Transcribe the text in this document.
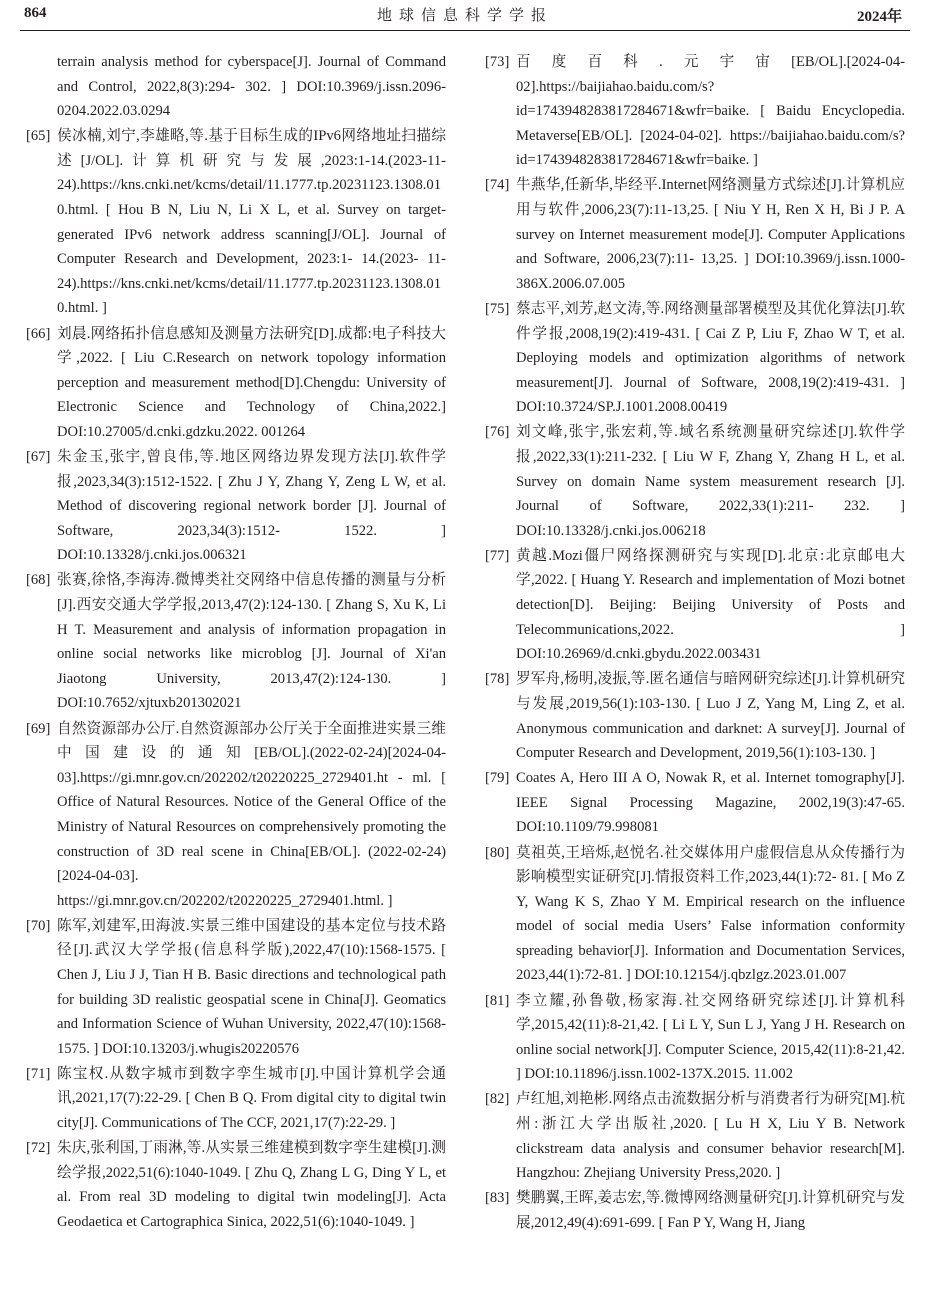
864	地球信息科学学报	2024年
terrain analysis method for cyberspace[J]. Journal of Command and Control, 2022,8(3):294- 302. ] DOI:10.3969/j.issn.2096-0204.2022.03.0294
[65] 侯冰楠,刘宁,李雄略,等.基于目标生成的IPv6网络地址扫描综述[J/OL].计算机研究与发展,2023:1-14.(2023-11- 24).https://kns.cnki.net/kcms/detail/11.1777.tp.20231123.1308.010.html. [ Hou B N, Liu N, Li X L, et al. Survey on target- generated IPv6 network address scanning[J/OL]. Journal of Computer Research and Development, 2023:1- 14.(2023- 11- 24).https://kns.cnki.net/kcms/detail/11.1777.tp.20231123.1308.010.html. ]
[66] 刘晨.网络拓扑信息感知及测量方法研究[D].成都:电子科技大学,2022. [ Liu C.Research on network topology information perception and measurement method[D].Chengdu: University of Electronic Science and Technology of China,2022.] DOI:10.27005/d.cnki.gdzku.2022. 001264
[67] 朱金玉,张宇,曾良伟,等.地区网络边界发现方法[J].软件学报,2023,34(3):1512-1522. [ Zhu J Y, Zhang Y, Zeng L W, et al. Method of discovering regional network border [J]. Journal of Software, 2023,34(3):1512- 1522. ] DOI:10.13328/j.cnki.jos.006321
[68] 张赛,徐恪,李海涛.微博类社交网络中信息传播的测量与分析[J].西安交通大学学报,2013,47(2):124-130. [ Zhang S, Xu K, Li H T. Measurement and analysis of information propagation in online social networks like microblog [J]. Journal of Xi'an Jiaotong University, 2013,47(2):124-130. ] DOI:10.7652/xjtuxb201302021
[69] 自然资源部办公厅.自然资源部办公厅关于全面推进实景三维中国建设的通知[EB/OL].(2022-02-24)[2024-04-03].https://gi.mnr.gov.cn/202202/t20220225_2729401.ht - ml. [ Office of Natural Resources. Notice of the General Office of the Ministry of Natural Resources on comprehensively promoting the construction of 3D real scene in China[EB/OL]. (2022-02-24)[2024-04-03]. https://gi.mnr.gov.cn/202202/t20220225_2729401.html. ]
[70] 陈军,刘建军,田海波.实景三维中国建设的基本定位与技术路径[J].武汉大学学报(信息科学版),2022,47(10):1568-1575. [ Chen J, Liu J J, Tian H B. Basic directions and technological path for building 3D realistic geospatial scene in China[J]. Geomatics and Information Science of Wuhan University, 2022,47(10):1568- 1575. ] DOI:10.13203/j.whugis20220576
[71] 陈宝权.从数字城市到数字孪生城市[J].中国计算机学会通讯,2021,17(7):22-29. [ Chen B Q. From digital city to digital twin city[J]. Communications of The CCF, 2021,17(7):22-29. ]
[72] 朱庆,张利国,丁雨淋,等.从实景三维建模到数字孪生建模[J].测绘学报,2022,51(6):1040-1049. [ Zhu Q, Zhang L G, Ding Y L, et al. From real 3D modeling to digital twin modeling[J]. Acta Geodaetica et Cartographica Sinica, 2022,51(6):1040-1049. ]
[73] 百度百科.元宇宙[EB/OL].[2024-04-02].https://baijiahao.baidu.com/s?id=1743948283817284671&wfr=baike. [ Baidu Encyclopedia. Metaverse[EB/OL]. [2024-04-02]. https://baijiahao.baidu.com/s?id=1743948283817284671&wfr=baike. ]
[74] 牛燕华,任新华,毕经平.Internet网络测量方式综述[J].计算机应用与软件,2006,23(7):11-13,25. [ Niu Y H, Ren X H, Bi J P. A survey on Internet measurement mode[J]. Computer Applications and Software, 2006,23(7):11- 13,25. ] DOI:10.3969/j.issn.1000-386X.2006.07.005
[75] 蔡志平,刘芳,赵文涛,等.网络测量部署模型及其优化算法[J].软件学报,2008,19(2):419-431. [ Cai Z P, Liu F, Zhao W T, et al. Deploying models and optimization algorithms of network measurement[J]. Journal of Software, 2008,19(2):419-431. ] DOI:10.3724/SP.J.1001.2008.00419
[76] 刘文峰,张宇,张宏莉,等.域名系统测量研究综述[J].软件学报,2022,33(1):211-232. [ Liu W F, Zhang Y, Zhang H L, et al. Survey on domain Name system measurement research [J]. Journal of Software, 2022,33(1):211- 232. ] DOI:10.13328/j.cnki.jos.006218
[77] 黄越.Mozi僵尸网络探测研究与实现[D].北京:北京邮电大学,2022. [ Huang Y. Research and implementation of Mozi botnet detection[D]. Beijing: Beijing University of Posts and Telecommunications,2022. ] DOI:10.26969/d.cnki.gbydu.2022.003431
[78] 罗军舟,杨明,凌振,等.匿名通信与暗网研究综述[J].计算机研究与发展,2019,56(1):103-130. [ Luo J Z, Yang M, Ling Z, et al. Anonymous communication and darknet: A survey[J]. Journal of Computer Research and Development, 2019,56(1):103-130. ]
[79] Coates A, Hero III A O, Nowak R, et al. Internet tomography[J]. IEEE Signal Processing Magazine, 2002,19(3):47-65. DOI:10.1109/79.998081
[80] 莫祖英,王培烁,赵悦名.社交媒体用户虚假信息从众传播行为影响模型实证研究[J].情报资料工作,2023,44(1):72- 81. [ Mo Z Y, Wang K S, Zhao Y M. Empirical research on the influence model of social media Users’ False information conformity spreading behavior[J]. Information and Documentation Services, 2023,44(1):72-81. ] DOI:10.12154/j.qbzlgz.2023.01.007
[81] 李立耀,孙鲁敬,杨家海.社交网络研究综述[J].计算机科学,2015,42(11):8-21,42. [ Li L Y, Sun L J, Yang J H. Research on online social network[J]. Computer Science, 2015,42(11):8-21,42. ] DOI:10.11896/j.issn.1002-137X.2015. 11.002
[82] 卢红旭,刘艳彬.网络点击流数据分析与消费者行为研究[M].杭州:浙江大学出版社,2020. [ Lu H X, Liu Y B. Network clickstream data analysis and consumer behavior research[M]. Hangzhou: Zhejiang University Press,2020. ]
[83] 樊鹏翼,王晖,姜志宏,等.微博网络测量研究[J].计算机研究与发展,2012,49(4):691-699. [ Fan P Y, Wang H, Jiang
